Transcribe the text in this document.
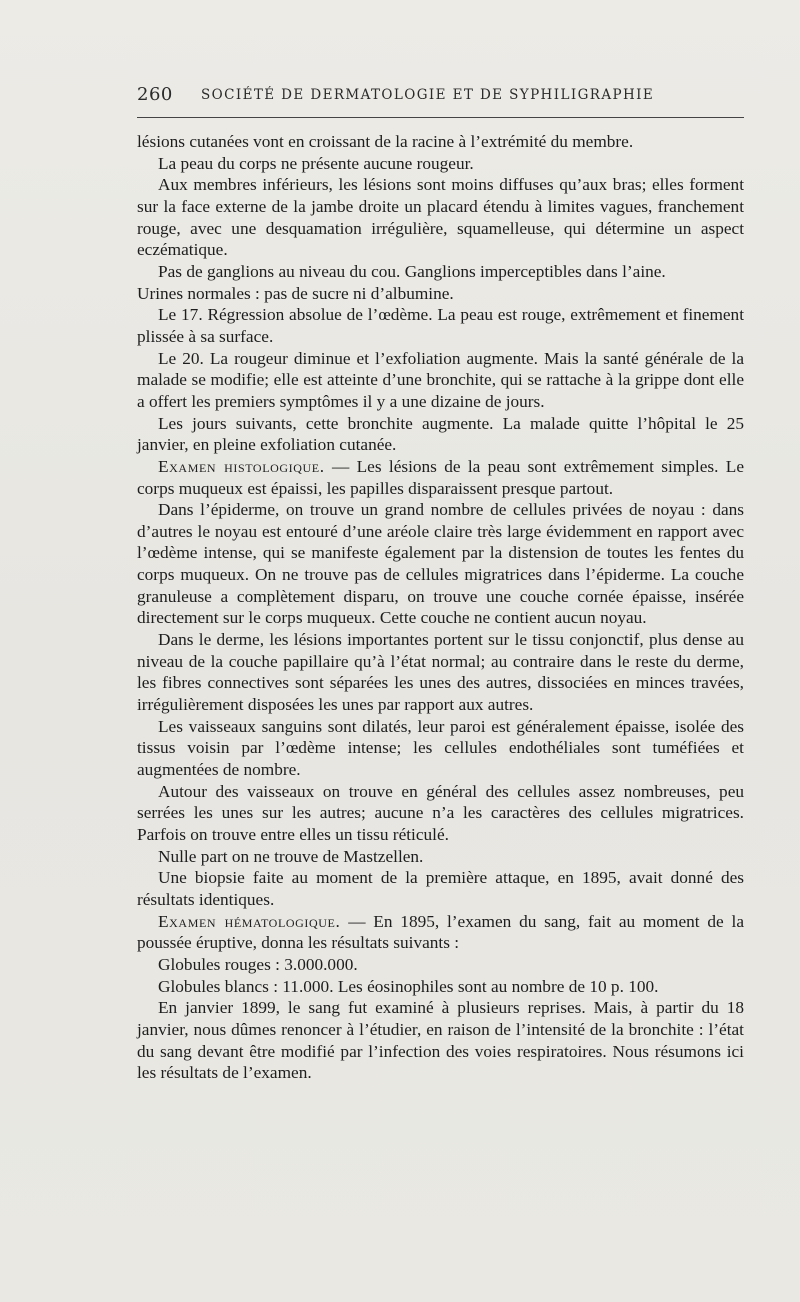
260 SOCIÉTÉ DE DERMATOLOGIE ET DE SYPHILIGRAPHIE

lésions cutanées vont en croissant de la racine à l’extrémité du membre.

La peau du corps ne présente aucune rougeur.

Aux membres inférieurs, les lésions sont moins diffuses qu’aux bras; elles forment sur la face externe de la jambe droite un placard étendu à limites vagues, franchement rouge, avec une desquamation irrégulière, squamelleuse, qui détermine un aspect eczématique.

Pas de ganglions au niveau du cou. Ganglions imperceptibles dans l’aine.

Urines normales : pas de sucre ni d’albumine.

Le 17. Régression absolue de l’œdème. La peau est rouge, extrêmement et finement plissée à sa surface.

Le 20. La rougeur diminue et l’exfoliation augmente. Mais la santé générale de la malade se modifie; elle est atteinte d’une bronchite, qui se rattache à la grippe dont elle a offert les premiers symptômes il y a une dizaine de jours.

Les jours suivants, cette bronchite augmente. La malade quitte l’hôpital le 25 janvier, en pleine exfoliation cutanée.

Examen histologique. — Les lésions de la peau sont extrêmement simples. Le corps muqueux est épaissi, les papilles disparaissent presque partout.

Dans l’épiderme, on trouve un grand nombre de cellules privées de noyau : dans d’autres le noyau est entouré d’une aréole claire très large évidemment en rapport avec l’œdème intense, qui se manifeste également par la distension de toutes les fentes du corps muqueux. On ne trouve pas de cellules migratrices dans l’épiderme. La couche granuleuse a complètement disparu, on trouve une couche cornée épaisse, insérée directement sur le corps muqueux. Cette couche ne contient aucun noyau.

Dans le derme, les lésions importantes portent sur le tissu conjonctif, plus dense au niveau de la couche papillaire qu’à l’état normal; au contraire dans le reste du derme, les fibres connectives sont séparées les unes des autres, dissociées en minces travées, irrégulièrement disposées les unes par rapport aux autres.

Les vaisseaux sanguins sont dilatés, leur paroi est généralement épaisse, isolée des tissus voisin par l’œdème intense; les cellules endothéliales sont tuméfiées et augmentées de nombre.

Autour des vaisseaux on trouve en général des cellules assez nombreuses, peu serrées les unes sur les autres; aucune n’a les caractères des cellules migratrices. Parfois on trouve entre elles un tissu réticulé.

Nulle part on ne trouve de Mastzellen.

Une biopsie faite au moment de la première attaque, en 1895, avait donné des résultats identiques.

Examen hématologique. — En 1895, l’examen du sang, fait au moment de la poussée éruptive, donna les résultats suivants :

Globules rouges : 3.000.000.

Globules blancs : 11.000. Les éosinophiles sont au nombre de 10 p. 100.

En janvier 1899, le sang fut examiné à plusieurs reprises. Mais, à partir du 18 janvier, nous dûmes renoncer à l’étudier, en raison de l’intensité de la bronchite : l’état du sang devant être modifié par l’infection des voies respiratoires. Nous résumons ici les résultats de l’examen.
